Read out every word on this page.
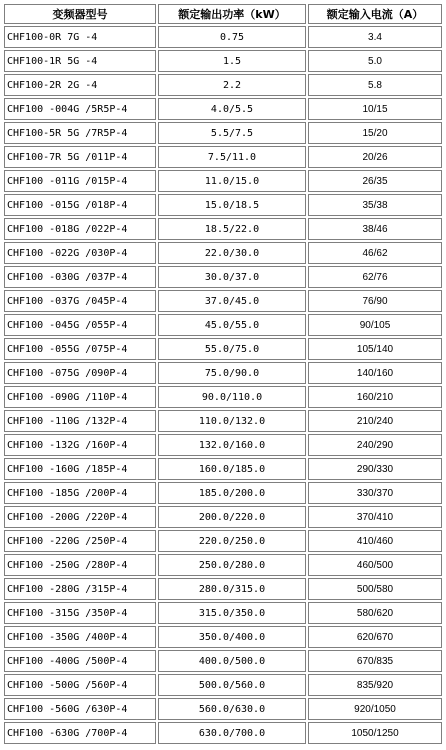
变频器型号	额定输出功率（kW）	额定输入电流（A）
CHF100-0R 7G -4	0.75	3.4
CHF100-1R 5G -4	1.5	5.0
CHF100-2R 2G -4	2.2	5.8
CHF100 -004G /5R5P-4	4.0/5.5	10/15
CHF100-5R 5G /7R5P-4	5.5/7.5	15/20
CHF100-7R 5G /011P-4	7.5/11.0	20/26
CHF100 -011G /015P-4	11.0/15.0	26/35
CHF100 -015G /018P-4	15.0/18.5	35/38
CHF100 -018G /022P-4	18.5/22.0	38/46
CHF100 -022G /030P-4	22.0/30.0	46/62
CHF100 -030G /037P-4	30.0/37.0	62/76
CHF100 -037G /045P-4	37.0/45.0	76/90
CHF100 -045G /055P-4	45.0/55.0	90/105
CHF100 -055G /075P-4	55.0/75.0	105/140
CHF100 -075G /090P-4	75.0/90.0	140/160
CHF100 -090G /110P-4	90.0/110.0	160/210
CHF100 -110G /132P-4	110.0/132.0	210/240
CHF100 -132G /160P-4	132.0/160.0	240/290
CHF100 -160G /185P-4	160.0/185.0	290/330
CHF100 -185G /200P-4	185.0/200.0	330/370
CHF100 -200G /220P-4	200.0/220.0	370/410
CHF100 -220G /250P-4	220.0/250.0	410/460
CHF100 -250G /280P-4	250.0/280.0	460/500
CHF100 -280G /315P-4	280.0/315.0	500/580
CHF100 -315G /350P-4	315.0/350.0	580/620
CHF100 -350G /400P-4	350.0/400.0	620/670
CHF100 -400G /500P-4	400.0/500.0	670/835
CHF100 -500G /560P-4	500.0/560.0	835/920
CHF100 -560G /630P-4	560.0/630.0	920/1050
CHF100 -630G /700P-4	630.0/700.0	1050/1250
